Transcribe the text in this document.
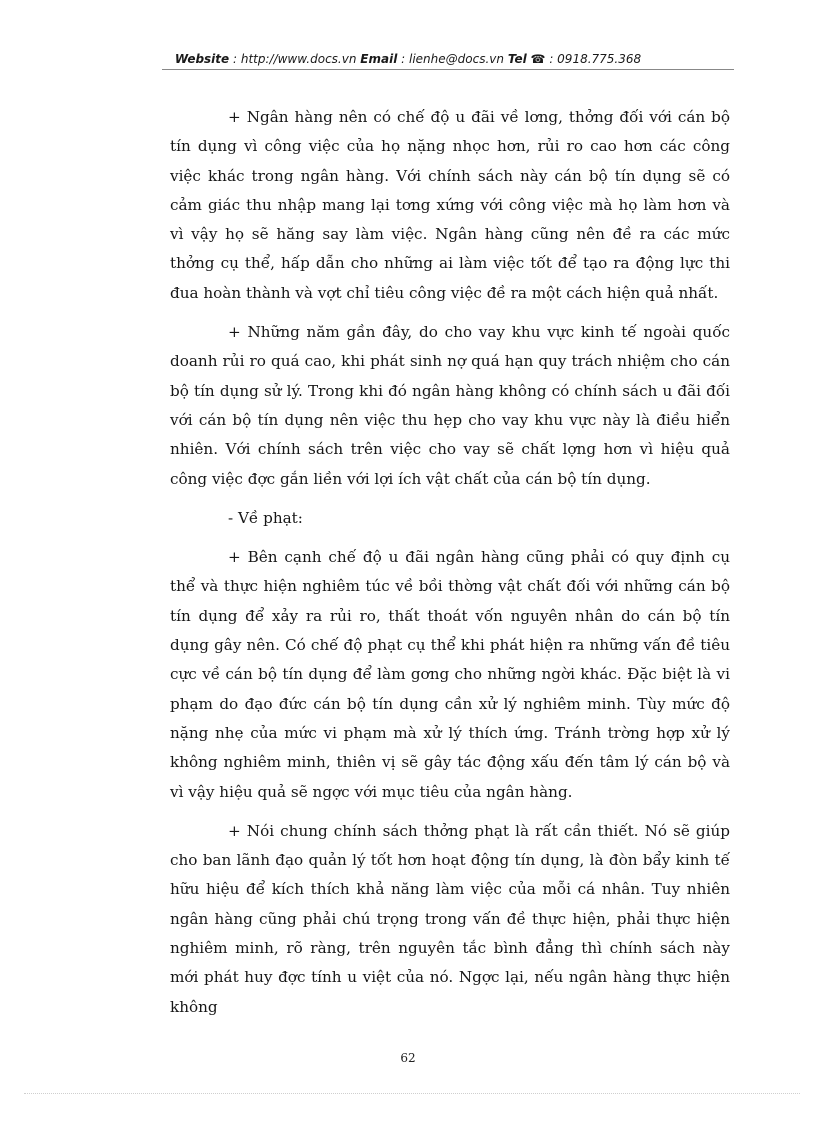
Website : http://www.docs.vn Email : lienhe@docs.vn Tel ☎ : 0918.775.368

+ Ngân hàng nên có chế độ u đãi về lơng, thởng đối với cán bộ tín dụng vì công việc của họ nặng nhọc hơn, rủi ro cao hơn các công việc khác trong ngân hàng. Với chính sách này cán bộ tín dụng sẽ có cảm giác thu nhập mang lại tơng xứng với công việc mà họ làm hơn và vì vậy họ sẽ hăng say làm việc. Ngân hàng cũng nên đề ra các mức thởng cụ thể, hấp dẫn cho những ai làm việc tốt để tạo ra động lực thi đua hoàn thành và vợt chỉ tiêu công việc đề ra một cách hiện quả nhất.

+ Những năm gần đây, do cho vay khu vực kinh tế ngoài quốc doanh rủi ro quá cao, khi phát sinh nợ quá hạn quy trách nhiệm cho cán bộ tín dụng sử lý. Trong khi đó ngân hàng không có chính sách u đãi đối với cán bộ tín dụng nên việc thu hẹp cho vay khu vực này là điều hiển nhiên. Với chính sách trên việc cho vay sẽ chất lợng hơn vì hiệu quả công việc đợc gắn liền với lợi ích vật chất của cán bộ tín dụng.

- Về phạt:

+ Bên cạnh chế độ u đãi ngân hàng cũng phải có quy định cụ thể và thực hiện nghiêm túc về bồi thờng vật chất đối với những cán bộ tín dụng để xảy ra rủi ro, thất thoát vốn nguyên nhân do cán bộ tín dụng gây nên. Có chế độ phạt cụ thể khi phát hiện ra những vấn đề tiêu cực về cán bộ tín dụng để làm gơng cho những ngời khác. Đặc biệt là vi phạm do đạo đức cán bộ tín dụng cần xử lý nghiêm minh. Tùy mức độ nặng nhẹ của mức vi phạm mà xử lý thích ứng. Tránh trờng hợp xử lý không nghiêm minh, thiên vị sẽ gây tác động xấu đến tâm lý cán bộ và vì vậy hiệu quả sẽ ngợc với mục tiêu của ngân hàng.

+ Nói chung chính sách thởng phạt là rất cần thiết. Nó sẽ giúp cho ban lãnh đạo quản lý tốt hơn hoạt động tín dụng, là đòn bẩy kinh tế hữu hiệu để kích thích khả năng làm việc của mỗi cá nhân. Tuy nhiên ngân hàng cũng phải chú trọng trong vấn đề thực hiện, phải thực hiện nghiêm minh, rõ ràng, trên nguyên tắc bình đẳng thì chính sách này mới phát huy đợc tính u việt của nó. Ngợc lại, nếu ngân hàng thực hiện không

62
